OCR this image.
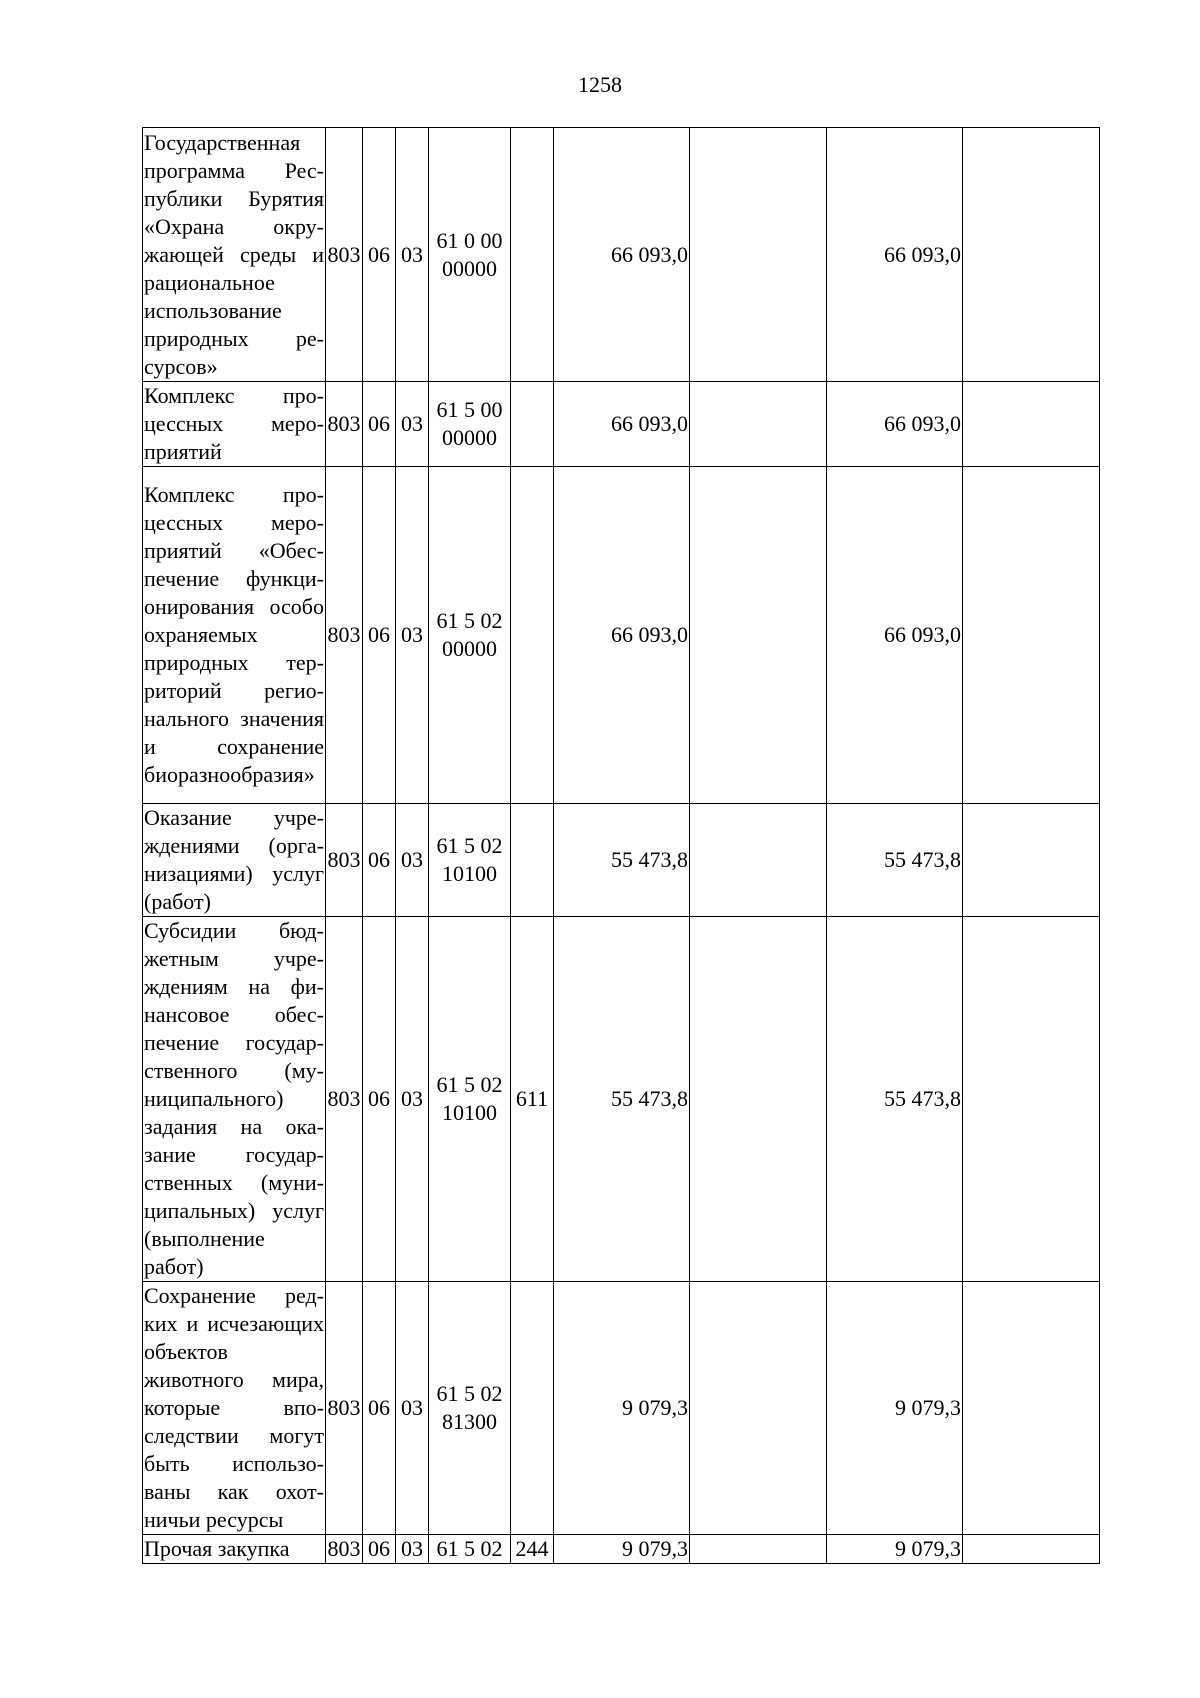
1258
Государственная программа Республики Бурятия «Охрана окружающей среды и рациональное использование природных ресурсов»	803	06	03	61 0 00 00000		66 093,0		66 093,0	
Комплекс процессных мероприятий	803	06	03	61 5 00 00000		66 093,0		66 093,0	
Комплекс процессных мероприятий «Обеспечение функционирования особо охраняемых природных территорий регионального значения и сохранение биоразнообразия»	803	06	03	61 5 02 00000		66 093,0		66 093,0	
Оказание учреждениями (организациями) услуг (работ)	803	06	03	61 5 02 10100		55 473,8		55 473,8	
Субсидии бюджетным учреждениям на финансовое обеспечение государственного (муниципального) задания на оказание государственных (муниципальных) услуг (выполнение работ)	803	06	03	61 5 02 10100	611	55 473,8		55 473,8	
Сохранение редких и исчезающих объектов животного мира, которые впоследствии могут быть использованы как охотничьи ресурсы	803	06	03	61 5 02 81300		9 079,3		9 079,3	
Прочая закупка	803	06	03	61 5 02	244	9 079,3		9 079,3	
